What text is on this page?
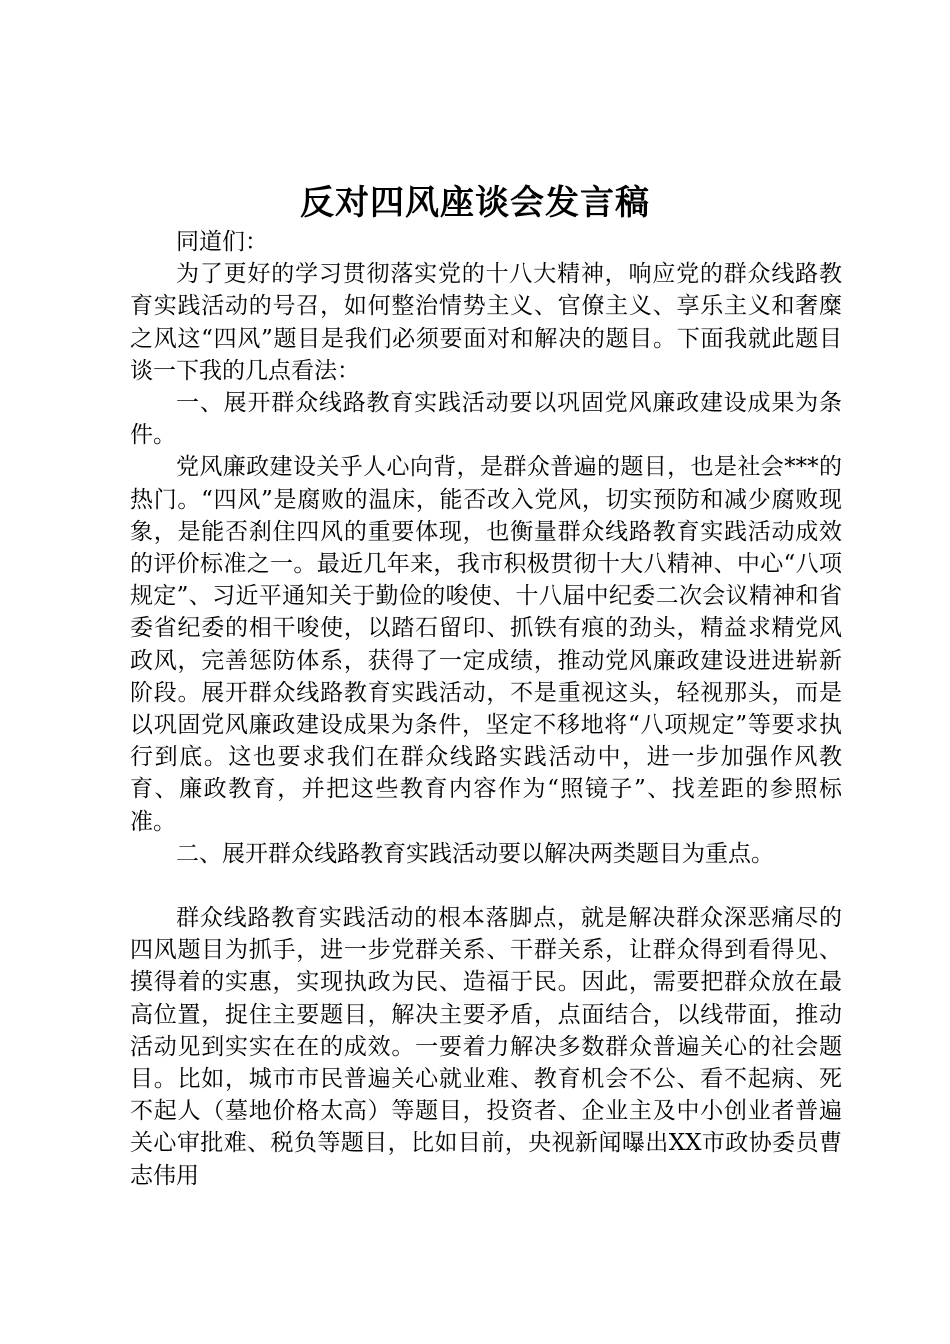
反对四风座谈会发言稿

同道们：

为了更好的学习贯彻落实党的十八大精神，响应党的群众线路教育实践活动的号召，如何整治情势主义、官僚主义、享乐主义和奢糜之风这“四风”题目是我们必须要面对和解决的题目。下面我就此题目谈一下我的几点看法：

一、展开群众线路教育实践活动要以巩固党风廉政建设成果为条件。

党风廉政建设关乎人心向背，是群众普遍的题目，也是社会***的热门。“四风”是腐败的温床，能否改入党风，切实预防和减少腐败现象，是能否刹住四风的重要体现，也衡量群众线路教育实践活动成效的评价标准之一。最近几年来，我市积极贯彻十大八精神、中心“八项规定”、习近平通知关于勤俭的唆使、十八届中纪委二次会议精神和省委省纪委的相干唆使，以踏石留印、抓铁有痕的劲头，精益求精党风政风，完善惩防体系，获得了一定成绩，推动党风廉政建设进进崭新阶段。展开群众线路教育实践活动，不是重视这头，轻视那头，而是以巩固党风廉政建设成果为条件，坚定不移地将“八项规定”等要求执行到底。这也要求我们在群众线路实践活动中，进一步加强作风教育、廉政教育，并把这些教育内容作为“照镜子”、找差距的参照标准。

二、展开群众线路教育实践活动要以解决两类题目为重点。

群众线路教育实践活动的根本落脚点，就是解决群众深恶痛尽的四风题目为抓手，进一步党群关系、干群关系，让群众得到看得见、摸得着的实惠，实现执政为民、造福于民。因此，需要把群众放在最高位置，捉住主要题目，解决主要矛盾，点面结合，以线带面，推动活动见到实实在在的成效。一要着力解决多数群众普遍关心的社会题目。比如，城市市民普遍关心就业难、教育机会不公、看不起病、死不起人（墓地价格太高）等题目，投资者、企业主及中小创业者普遍关心审批难、税负等题目，比如目前，央视新闻曝出XX市政协委员曹志伟用
